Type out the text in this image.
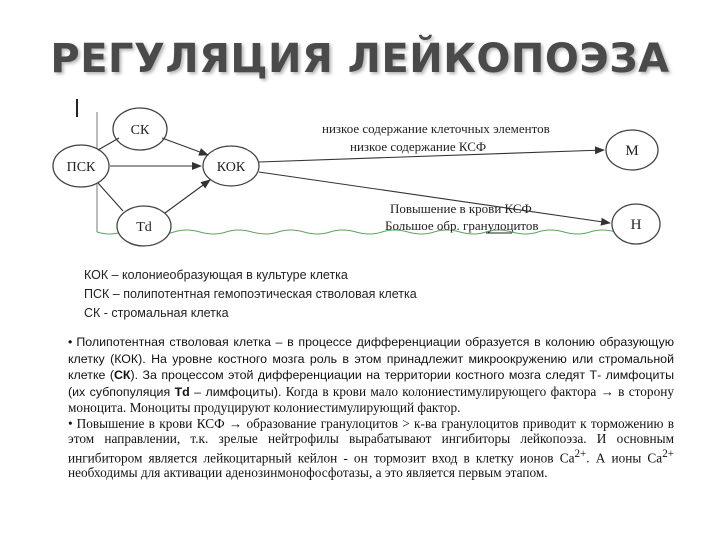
РЕГУЛЯЦИЯ ЛЕЙКОПОЭЗА
СК
ПСК	КОК
Td
М
Н
низкое содержание клеточных элементов
низкое содержание КСФ
Повышение в крови КСФ
Большое обр. гранулоцитов
КОК – колониеобразующая в культуре клетка
ПСК – полипотентная гемопоэтическая стволовая клетка
СК - стромальная клетка

• Полипотентная стволовая клетка – в процессе дифференциации образуется в колонию образующую клетку (КОК). На уровне костного мозга роль в этом принадлежит микроокружению или стромальной клетке (СК). За процессом этой дифференциации на территории костного мозга следят Т- лимфоциты (их субпопуляция Td – лимфоциты). Когда в крови мало колониестимулирующего фактора → в сторону моноцита. Моноциты продуцируют колониестимулирующий фактор.

• Повышение в крови КСФ → образование гранулоцитов > к-ва гранулоцитов приводит к торможению в этом направлении, т.к. зрелые нейтрофилы вырабатывают ингибиторы лейкопоэза. И основным ингибитором является лейкоцитарный кейлон - он тормозит вход в клетку ионов $Ca^{2+}$. А ионы $Ca^{2+}$ необходимы для активации аденозинмонофосфотазы, а это является первым этапом.
